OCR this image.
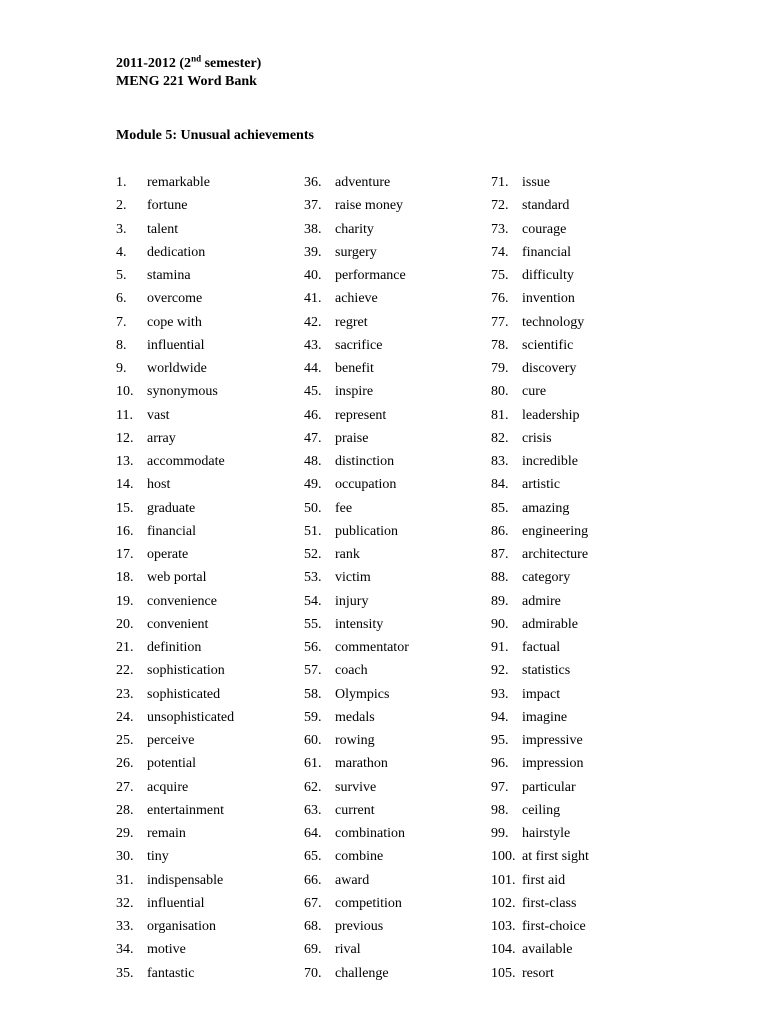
2011-2012 (2nd semester)
MENG 221 Word Bank
Module 5: Unusual achievements
1.	remarkable
2.	fortune
3.	talent
4.	dedication
5.	stamina
6.	overcome
7.	cope with
8.	influential
9.	worldwide
10. synonymous
11.	vast
12. array
13. accommodate
14. host
15. graduate
16. financial
17. operate
18. web portal
19. convenience
20. convenient
21. definition
22. sophistication
23. sophisticated
24. unsophisticated
25. perceive
26. potential
27. acquire
28. entertainment
29. remain
30. tiny
31. indispensable
32. influential
33. organisation
34. motive
35. fantastic
36. adventure
37. raise money
38. charity
39. surgery
40. performance
41. achieve
42. regret
43. sacrifice
44. benefit
45. inspire
46. represent
47. praise
48. distinction
49. occupation
50. fee
51. publication
52. rank
53. victim
54. injury
55. intensity
56. commentator
57. coach
58. Olympics
59. medals
60. rowing
61. marathon
62. survive
63. current
64. combination
65. combine
66. award
67. competition
68. previous
69. rival
70. challenge
71. issue
72. standard
73. courage
74. financial
75. difficulty
76. invention
77. technology
78. scientific
79. discovery
80. cure
81. leadership
82. crisis
83. incredible
84. artistic
85. amazing
86. engineering
87. architecture
88. category
89. admire
90. admirable
91. factual
92. statistics
93. impact
94. imagine
95. impressive
96. impression
97. particular
98. ceiling
99. hairstyle
100. at first sight
101. first aid
102. first-class
103. first-choice
104. available
105. resort
